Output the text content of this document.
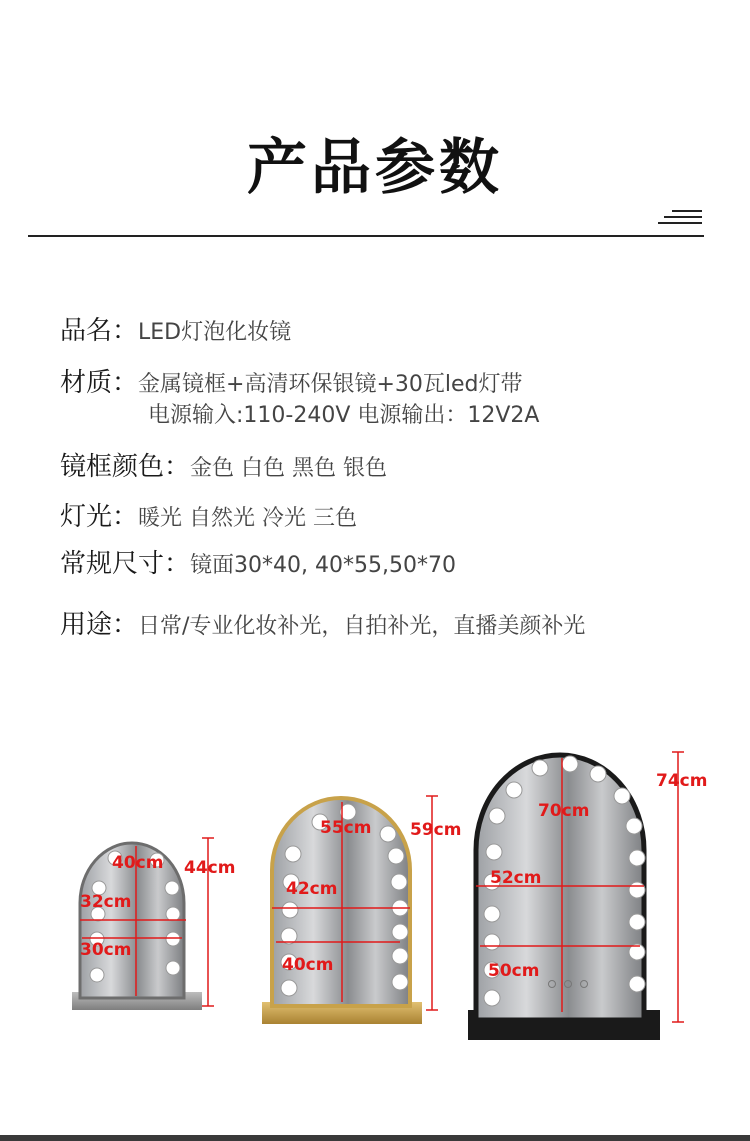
产品参数
品名：LED灯泡化妆镜
材质：金属镜框+高清环保银镜+30瓦led灯带
电源输入:110-240V 电源输出：12V2A
镜框颜色：金色 白色 黑色 银色
灯光：暖光 自然光 冷光 三色
常规尺寸：镜面30*40, 40*55,50*70
用途：日常/专业化妆补光，自拍补光，直播美颜补光
44cm
40cm
32cm
30cm
59cm
55cm
42cm
40cm
74cm
70cm
52cm
50cm
